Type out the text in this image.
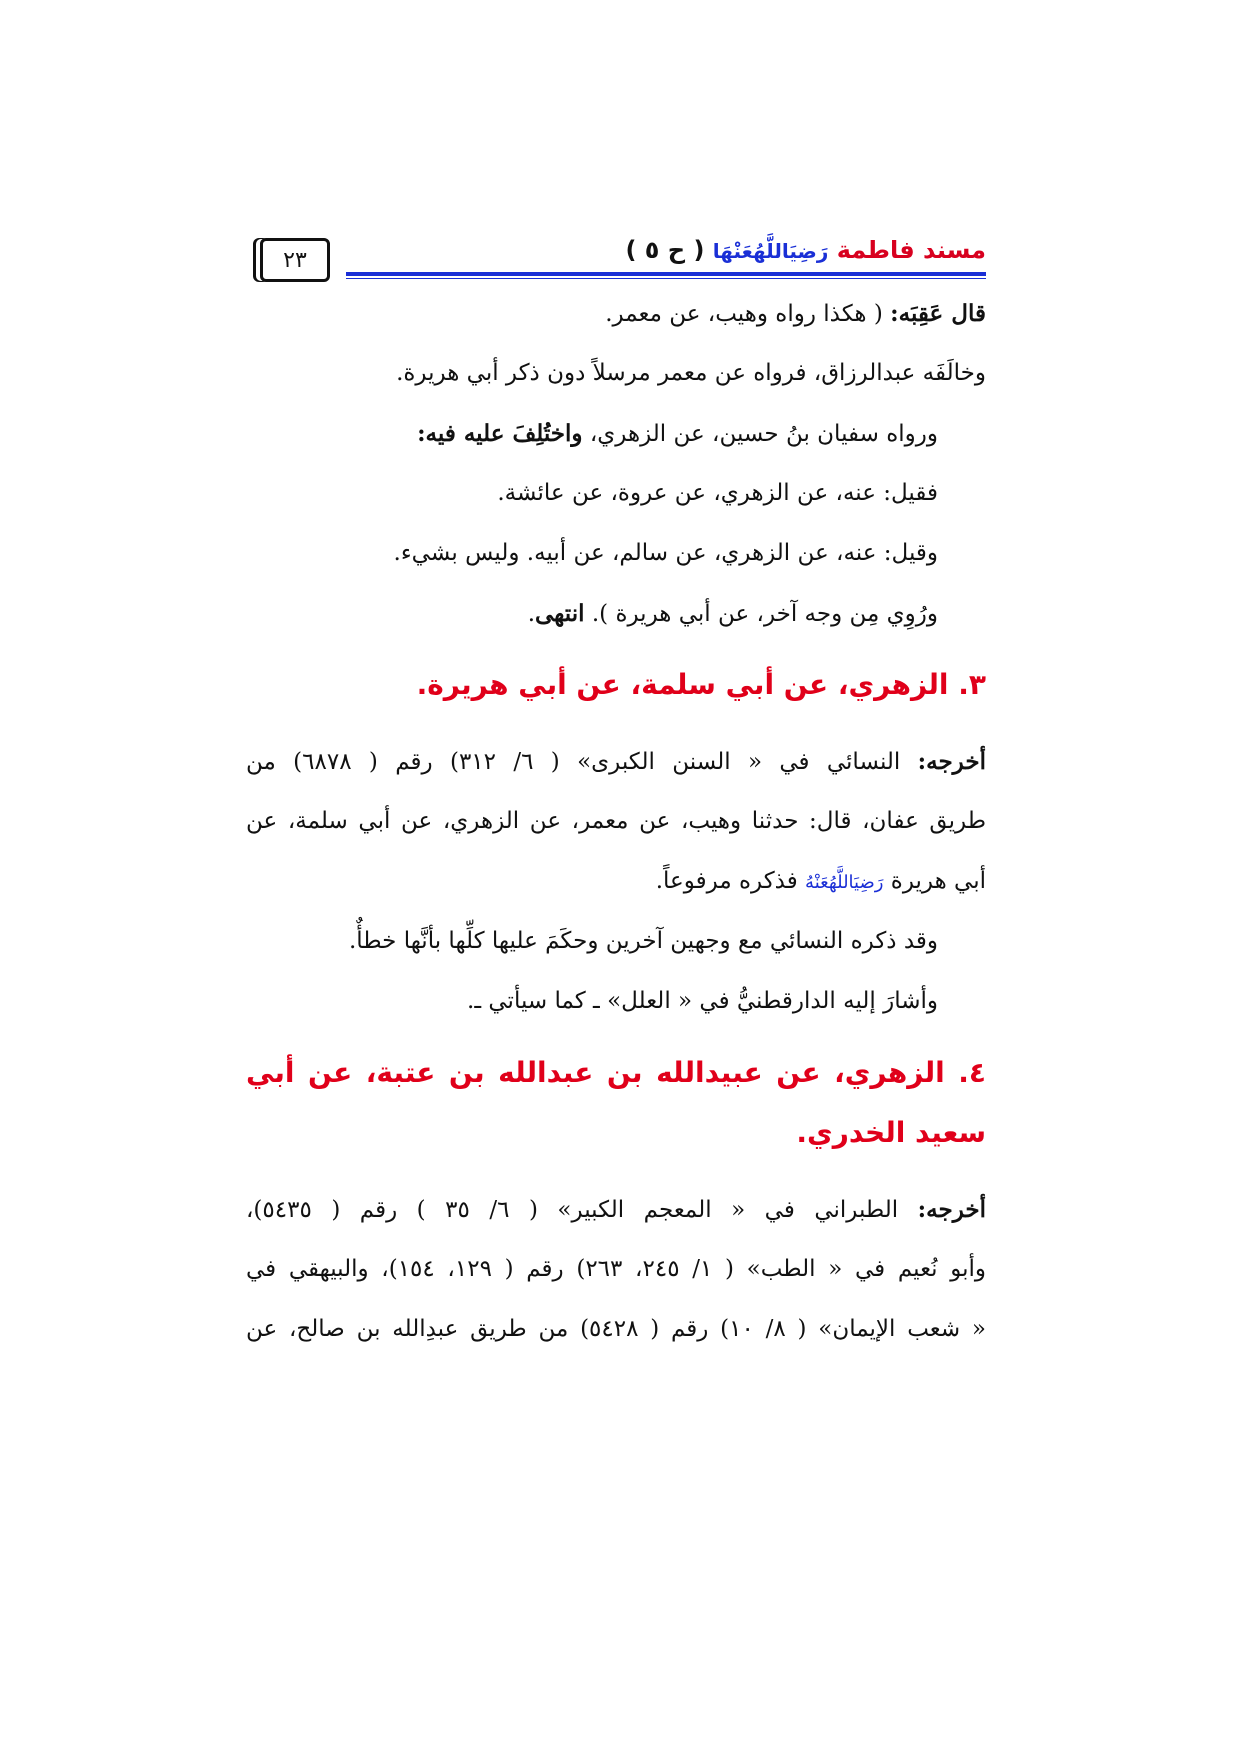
٢٣	مسند فاطمة رَضِيَاللَّهُعَنْهَا ( ح ٥ )
قال عَقِبَه: ( هكذا رواه وهيب، عن معمر.
وخالَفَه عبدالرزاق، فرواه عن معمر مرسلاً دون ذكر أبي هريرة.
ورواه سفيان بنُ حسين، عن الزهري، واختُلِفَ عليه فيه:
فقيل: عنه، عن الزهري، عن عروة، عن عائشة.
وقيل: عنه، عن الزهري، عن سالم، عن أبيه. وليس بشيء.
ورُوِي مِن وجه آخر، عن أبي هريرة ). انتهى.
٣. الزهري، عن أبي سلمة، عن أبي هريرة.
أخرجه: النسائي في « السنن الكبرى» ( ٦/ ٣١٢) رقم ( ٦٨٧٨) من
طريق عفان، قال: حدثنا وهيب، عن معمر، عن الزهري، عن أبي سلمة، عن
أبي هريرة رَضِيَاللَّهُعَنْهُ فذكره مرفوعاً.
وقد ذكره النسائي مع وجهين آخرين وحكَمَ عليها كلِّها بأنَّها خطأٌ.
وأشارَ إليه الدارقطنيُّ في « العلل» ـ كما سيأتي ـ.
٤. الزهري، عن عبيدالله بن عبدالله بن عتبة، عن أبي
سعيد الخدري.
أخرجه: الطبراني في « المعجم الكبير» ( ٦/ ٣٥ ) رقم ( ٥٤٣٥)،
وأبو نُعيم في « الطب» ( ١/ ٢٤٥، ٢٦٣) رقم ( ١٢٩، ١٥٤)، والبيهقي في
« شعب الإيمان» ( ٨/ ١٠) رقم ( ٥٤٢٨) من طريق عبدِالله بن صالح، عن
